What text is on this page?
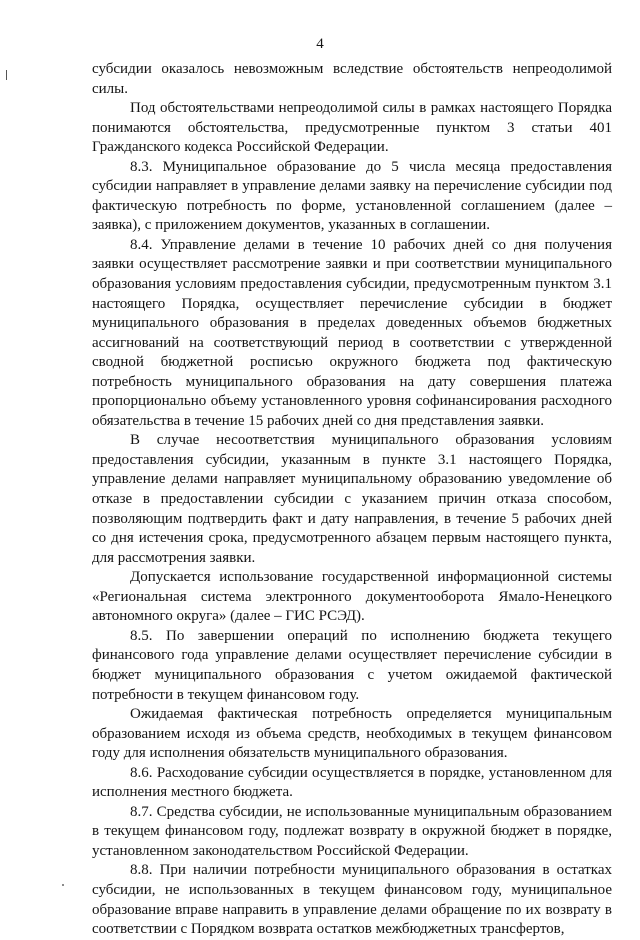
4

субсидии оказалось невозможным вследствие обстоятельств непреодолимой силы.

Под обстоятельствами непреодолимой силы в рамках настоящего Порядка понимаются обстоятельства, предусмотренные пунктом 3 статьи 401 Гражданского кодекса Российской Федерации.

8.3. Муниципальное образование до 5 числа месяца предоставления субсидии направляет в управление делами заявку на перечисление субсидии под фактическую потребность по форме, установленной соглашением (далее – заявка), с приложением документов, указанных в соглашении.

8.4. Управление делами в течение 10 рабочих дней со дня получения заявки осуществляет рассмотрение заявки и при соответствии муниципального образования условиям предоставления субсидии, предусмотренным пунктом 3.1 настоящего Порядка, осуществляет перечисление субсидии в бюджет муниципального образования в пределах доведенных объемов бюджетных ассигнований на соответствующий период в соответствии с утвержденной сводной бюджетной росписью окружного бюджета под фактическую потребность муниципального образования на дату совершения платежа пропорционально объему установленного уровня софинансирования расходного обязательства в течение 15 рабочих дней со дня представления заявки.

В случае несоответствия муниципального образования условиям предоставления субсидии, указанным в пункте 3.1 настоящего Порядка, управление делами направляет муниципальному образованию уведомление об отказе в предоставлении субсидии с указанием причин отказа способом, позволяющим подтвердить факт и дату направления, в течение 5 рабочих дней со дня истечения срока, предусмотренного абзацем первым настоящего пункта, для рассмотрения заявки.

Допускается использование государственной информационной системы «Региональная система электронного документооборота Ямало-Ненецкого автономного округа» (далее – ГИС РСЭД).

8.5. По завершении операций по исполнению бюджета текущего финансового года управление делами осуществляет перечисление субсидии в бюджет муниципального образования с учетом ожидаемой фактической потребности в текущем финансовом году.

Ожидаемая фактическая потребность определяется муниципальным образованием исходя из объема средств, необходимых в текущем финансовом году для исполнения обязательств муниципального образования.

8.6. Расходование субсидии осуществляется в порядке, установленном для исполнения местного бюджета.

8.7. Средства субсидии, не использованные муниципальным образованием в текущем финансовом году, подлежат возврату в окружной бюджет в порядке, установленном законодательством Российской Федерации.

8.8. При наличии потребности муниципального образования в остатках субсидии, не использованных в текущем финансовом году, муниципальное образование вправе направить в управление делами обращение по их возврату в соответствии с Порядком возврата остатков межбюджетных трансфертов,
